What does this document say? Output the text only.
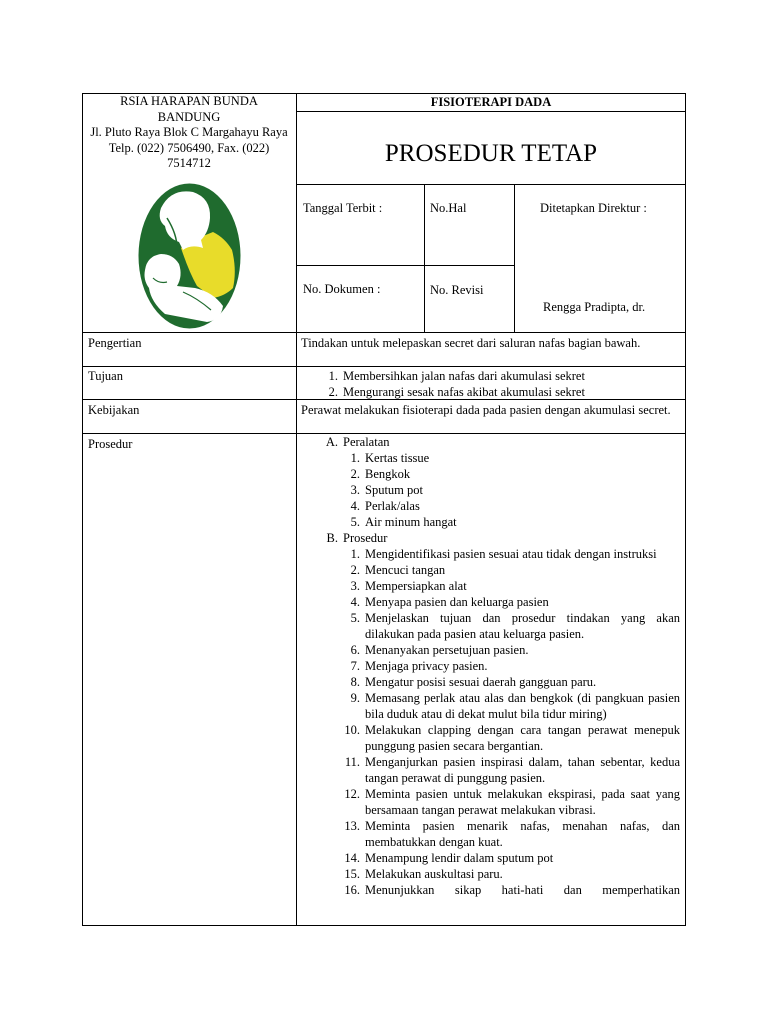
RSIA HARAPAN BUNDA
BANDUNG
Jl. Pluto Raya Blok C Margahayu Raya
Telp. (022) 7506490, Fax. (022) 7514712
FISIOTERAPI DADA
PROSEDUR TETAP
Tanggal Terbit :	No.Hal	Ditetapkan Direktur :
No. Dokumen :	No. Revisi
Rengga Pradipta, dr.
Pengertian	Tindakan untuk melepaskan secret dari saluran nafas bagian bawah.
Tujuan	1. Membersihkan jalan nafas dari akumulasi sekret
2. Mengurangi sesak nafas akibat akumulasi sekret
Kebijakan	Perawat melakukan fisioterapi dada pada pasien dengan akumulasi secret.
Prosedur	A. Peralatan
1. Kertas tissue
2. Bengkok
3. Sputum pot
4. Perlak/alas
5. Air minum hangat
B. Prosedur
1. Mengidentifikasi pasien sesuai atau tidak dengan instruksi
2. Mencuci tangan
3. Mempersiapkan alat
4. Menyapa pasien dan keluarga pasien
5. Menjelaskan tujuan dan prosedur tindakan yang akan dilakukan pada pasien atau keluarga pasien.
6. Menanyakan persetujuan pasien.
7. Menjaga privacy pasien.
8. Mengatur posisi sesuai daerah gangguan paru.
9. Memasang perlak atau alas dan bengkok (di pangkuan pasien bila duduk atau di dekat mulut bila tidur miring)
10. Melakukan clapping dengan cara tangan perawat menepuk punggung pasien secara bergantian.
11. Menganjurkan pasien inspirasi dalam, tahan sebentar, kedua tangan perawat di punggung pasien.
12. Meminta pasien untuk melakukan ekspirasi, pada saat yang bersamaan tangan perawat melakukan vibrasi.
13. Meminta pasien menarik nafas, menahan nafas, dan membatukkan dengan kuat.
14. Menampung lendir dalam sputum pot
15. Melakukan auskultasi paru.
16. Menunjukkan sikap hati-hati dan memperhatikan
